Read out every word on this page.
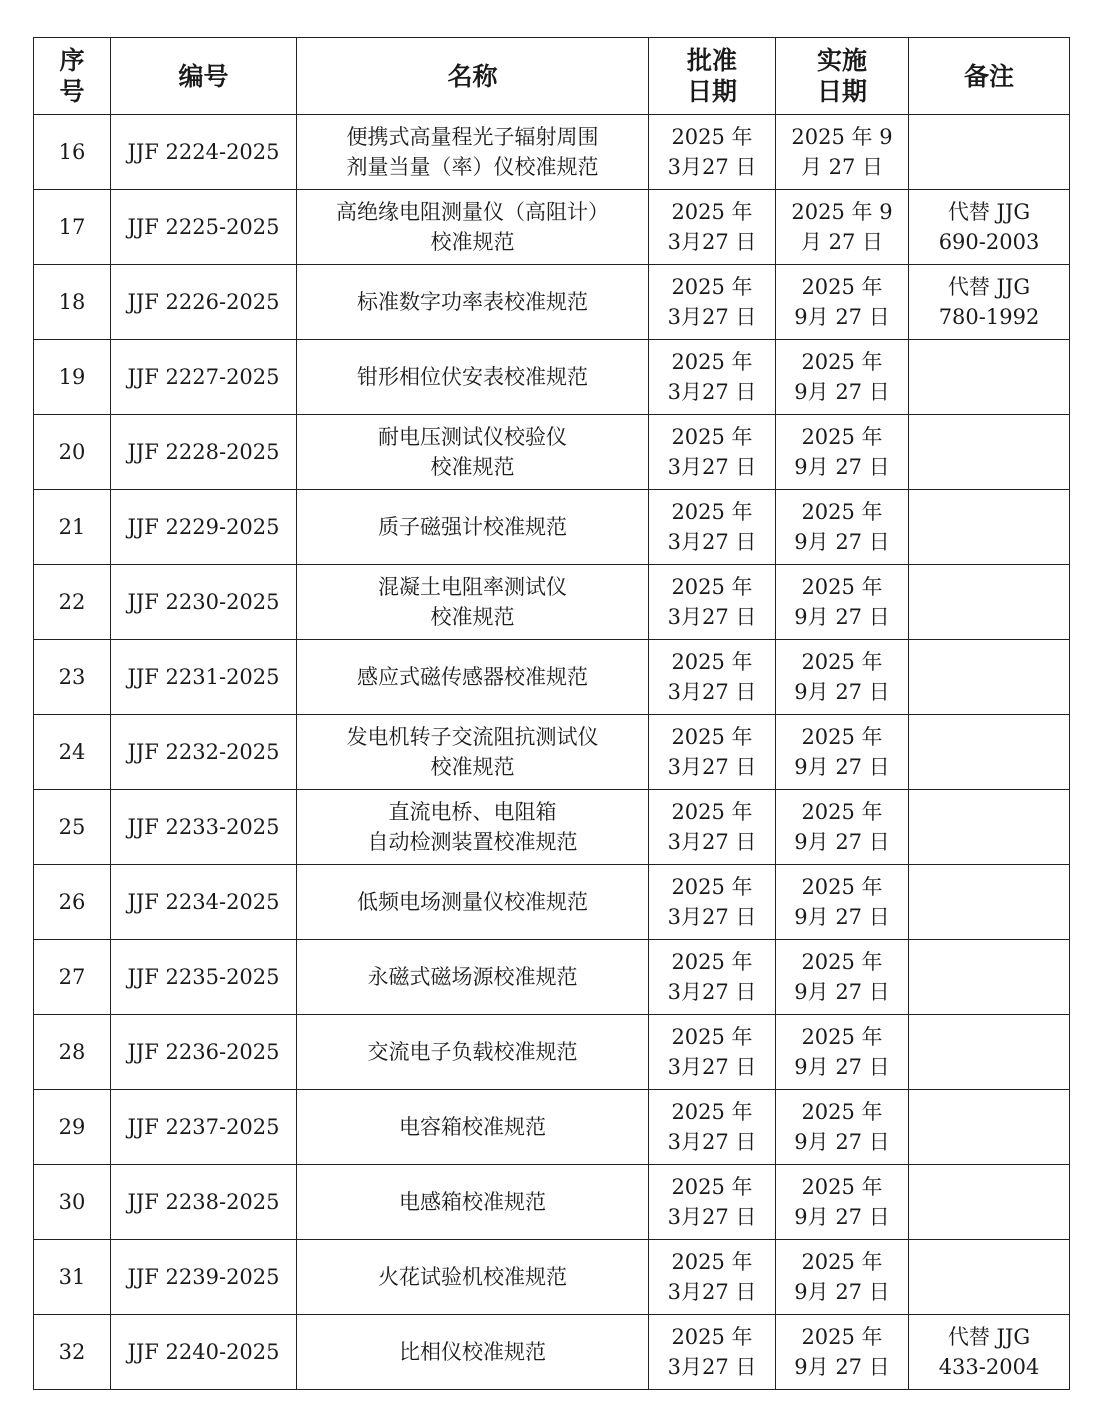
序
号	编号	名称	批准
日期	实施
日期	备注

16	JJF 2224-2025	便携式高量程光子辐射周围
剂量当量（率）仪校准规范	2025 年
3月27 日	2025 年 9
月 27 日	

17	JJF 2225-2025	高绝缘电阻测量仪（高阻计）
校准规范	2025 年
3月27 日	2025 年 9
月 27 日	代替 JJG
690-2003

18	JJF 2226-2025	标准数字功率表校准规范	2025 年
3月27 日	2025 年
9月 27 日	代替 JJG
780-1992

19	JJF 2227-2025	钳形相位伏安表校准规范	2025 年
3月27 日	2025 年
9月 27 日	

20	JJF 2228-2025	耐电压测试仪校验仪
校准规范	2025 年
3月27 日	2025 年
9月 27 日	

21	JJF 2229-2025	质子磁强计校准规范	2025 年
3月27 日	2025 年
9月 27 日	

22	JJF 2230-2025	混凝土电阻率测试仪
校准规范	2025 年
3月27 日	2025 年
9月 27 日	

23	JJF 2231-2025	感应式磁传感器校准规范	2025 年
3月27 日	2025 年
9月 27 日	

24	JJF 2232-2025	发电机转子交流阻抗测试仪
校准规范	2025 年
3月27 日	2025 年
9月 27 日	

25	JJF 2233-2025	直流电桥、电阻箱
自动检测装置校准规范	2025 年
3月27 日	2025 年
9月 27 日	

26	JJF 2234-2025	低频电场测量仪校准规范	2025 年
3月27 日	2025 年
9月 27 日	

27	JJF 2235-2025	永磁式磁场源校准规范	2025 年
3月27 日	2025 年
9月 27 日	

28	JJF 2236-2025	交流电子负载校准规范	2025 年
3月27 日	2025 年
9月 27 日	

29	JJF 2237-2025	电容箱校准规范	2025 年
3月27 日	2025 年
9月 27 日	

30	JJF 2238-2025	电感箱校准规范	2025 年
3月27 日	2025 年
9月 27 日	

31	JJF 2239-2025	火花试验机校准规范	2025 年
3月27 日	2025 年
9月 27 日	

32	JJF 2240-2025	比相仪校准规范	2025 年
3月27 日	2025 年
9月 27 日	代替 JJG
433-2004
